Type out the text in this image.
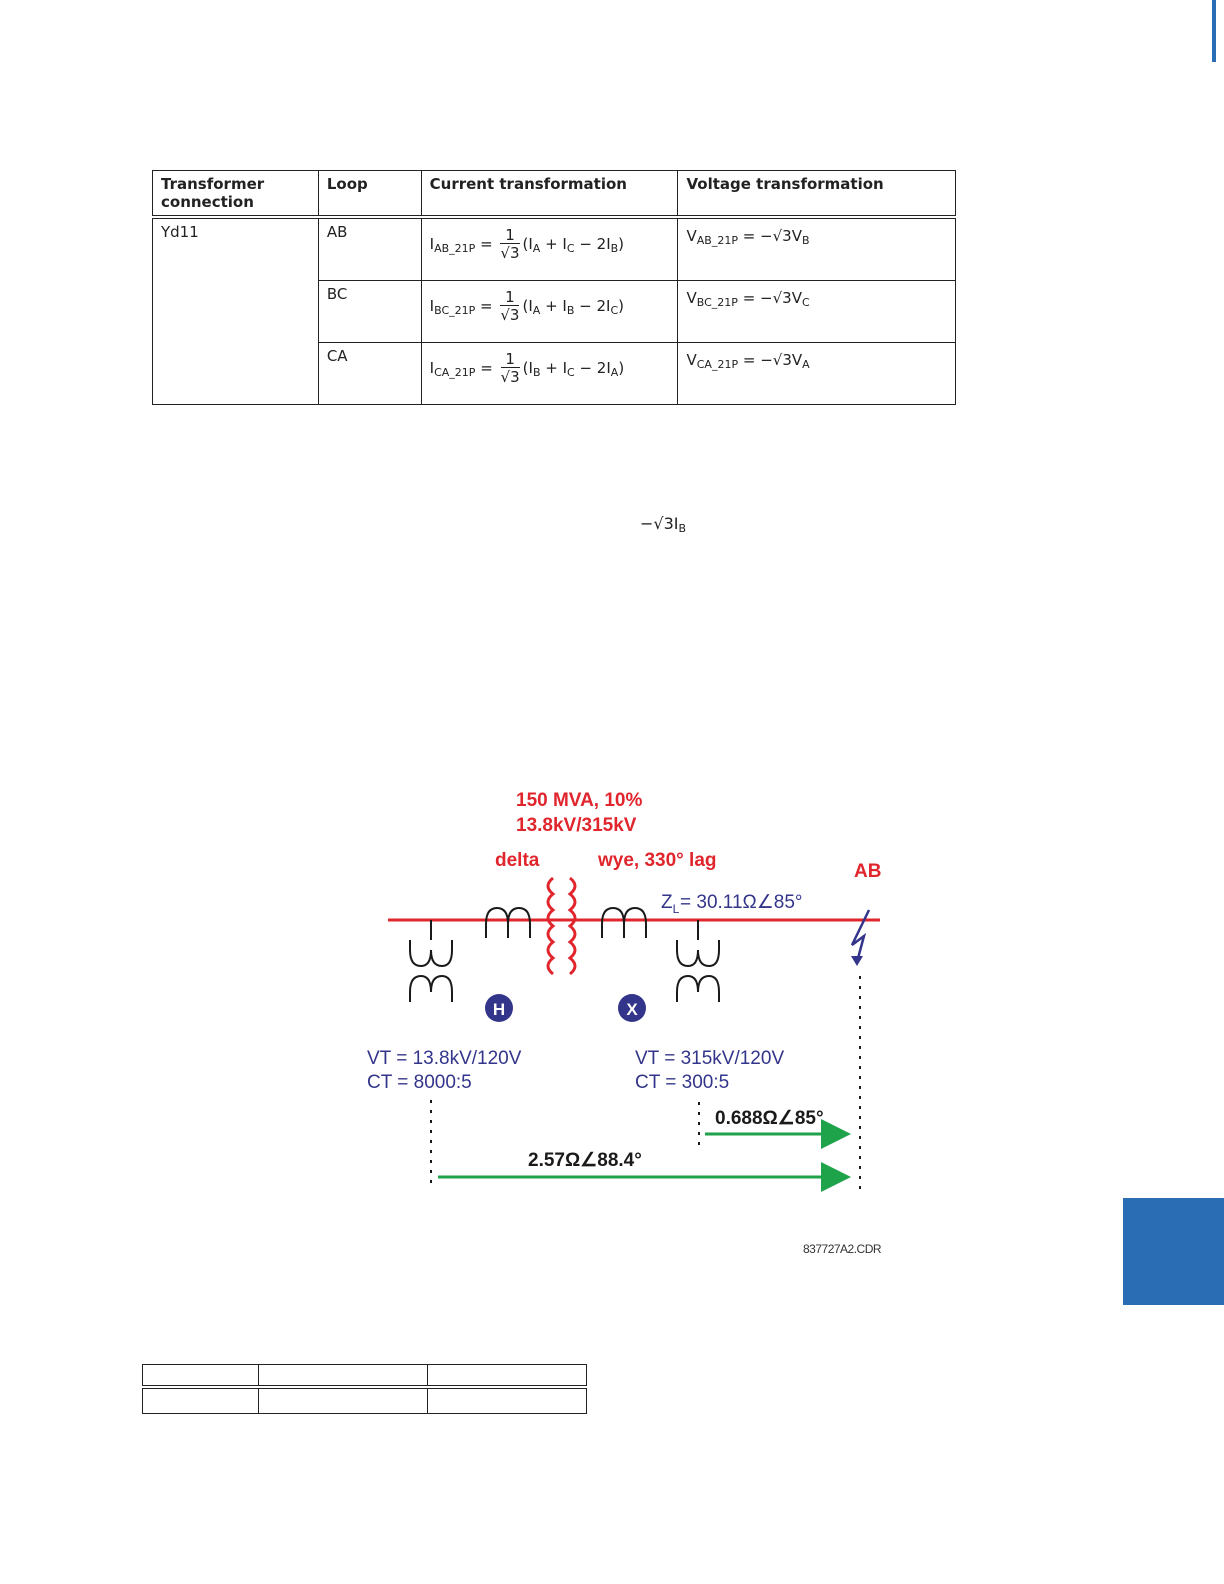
Transformer connection	Loop	Current transformation	Voltage transformation
Yd11	AB	$I_{AB\_21P} = \frac{1}{√3} (I_A + I_C - 2I_B)$	$V_{AB\_21P} = -√3V_B$

	BC	$I_{BC\_21P} = \frac{1}{√3} (I_A + I_B - 2I_C)$	$V_{BC\_21P} = -√3V_C$

	CA	$I_{CA\_21P} = \frac{1}{√3} (I_B + I_C - 2I_A)$	$V_{CA\_21P} = -√3V_A$
$-√3I_B$
150 MVA, 10%
13.8kV/315kV
delta	wye, 330° lag
AB
$Z_L$ = 30.11Ω∠85°
H	X
VT = 13.8kV/120V
CT = 8000:5
VT = 315kV/120V
CT = 300:5
0.688Ω∠85°
2.57Ω∠88.4°
837727A2.CDR
